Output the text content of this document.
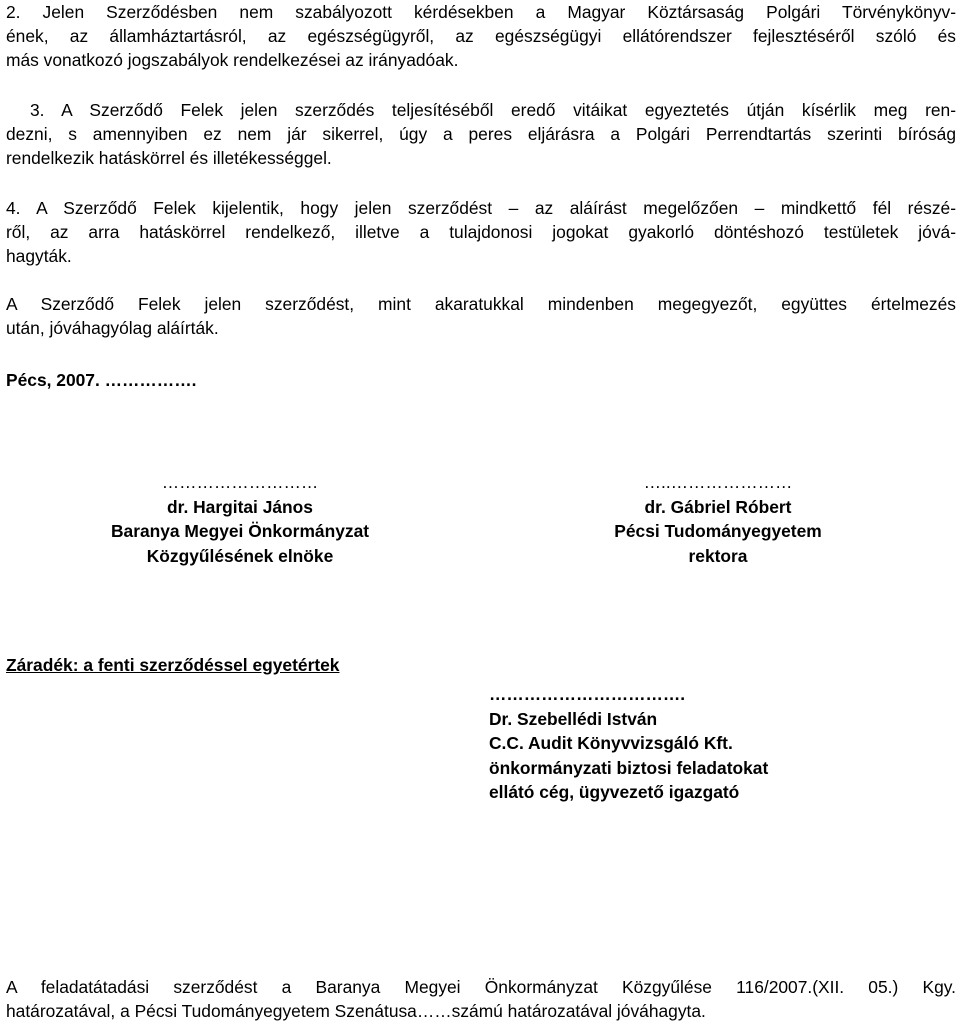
2. Jelen Szerződésben nem szabályozott kérdésekben a Magyar Köztársaság Polgári Törvénykönyv-
ének, az államháztartásról, az egészségügyről, az egészségügyi ellátórendszer fejlesztéséről szóló és
más vonatkozó jogszabályok rendelkezései az irányadóak.
3. A Szerződő Felek jelen szerződés teljesítéséből eredő vitáikat egyeztetés útján kísérlik meg ren-
dezni, s amennyiben ez nem jár sikerrel, úgy a peres eljárásra a Polgári Perrendtartás szerinti bíróság
rendelkezik hatáskörrel és illetékességgel.
4. A Szerződő Felek kijelentik, hogy jelen szerződést – az aláírást megelőzően – mindkettő fél részé-
ről, az arra hatáskörrel rendelkező, illetve a tulajdonosi jogokat gyakorló döntéshozó testületek jóvá-
hagyták.
A Szerződő Felek jelen szerződést, mint akaratukkal mindenben megegyezőt, együttes értelmezés
után, jóváhagyólag aláírták.
Pécs, 2007. …………….
………………………
dr. Hargitai János
Baranya Megyei Önkormányzat
Közgyűlésének elnöke
…..…………………
dr. Gábriel Róbert
Pécsi Tudományegyetem
rektora
Záradék: a fenti szerződéssel egyetértek
…………………………….
Dr. Szebellédi István
C.C. Audit Könyvvizsgáló Kft.
önkormányzati biztosi feladatokat
ellátó cég, ügyvezető igazgató
A feladatátadási szerződést a Baranya Megyei Önkormányzat Közgyűlése 116/2007.(XII. 05.) Kgy.
határozatával, a Pécsi Tudományegyetem Szenátusa……számú határozatával jóváhagyta.
